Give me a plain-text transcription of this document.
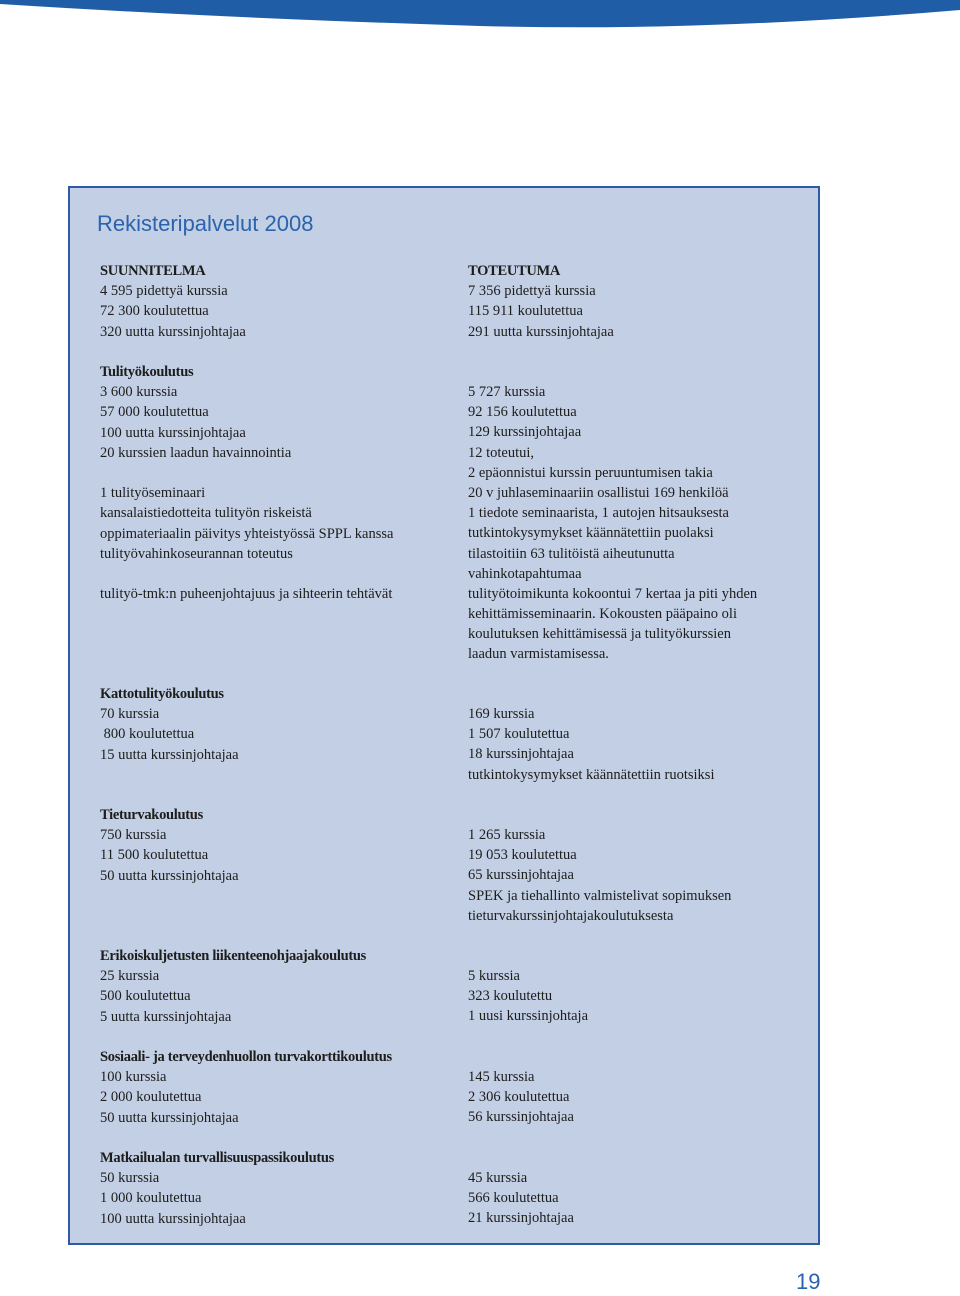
Rekisteripalvelut 2008
SUUNNITELMA
4 595 pidettyä kurssia
72 300 koulutettua
320 uutta kurssinjohtajaa
TOTEUTUMA
7 356 pidettyä kurssia
115 911 koulutettua
291 uutta kurssinjohtajaa
Tulityökoulutus
3 600 kurssia
57 000 koulutettua
100 uutta kurssinjohtajaa
20 kurssien laadun havainnointia
1 tulityöseminaari
kansalaistiedotteita tulityön riskeistä
oppimateriaalin päivitys yhteistyössä SPPL kanssa
tulityövahinkoseurannan toteutus
tulityö-tmk:n puheenjohtajuus ja sihteerin tehtävät
5 727 kurssia
92 156 koulutettua
129 kurssinjohtajaa
12 toteutui,
2 epäonnistui kurssin peruuntumisen takia
20 v juhlaseminaariin osallistui 169 henkilöä
1 tiedote seminaarista, 1 autojen hitsauksesta
tutkintokysymykset käännätettiin puolaksi
tilastoitiin 63 tulitöistä aiheutunutta
vahinkotapahtumaa
tulityötoimikunta kokoontui 7 kertaa ja piti yhden
kehittämisseminaarin. Kokousten pääpaino oli
koulutuksen kehittämisessä ja tulityökurssien
laadun varmistamisessa.
Kattotulityökoulutus
70 kurssia
800 koulutettua
15 uutta kurssinjohtajaa
169 kurssia
1 507 koulutettua
18 kurssinjohtajaa
tutkintokysymykset käännätettiin ruotsiksi
Tieturvakoulutus
750 kurssia
11 500 koulutettua
50 uutta kurssinjohtajaa
1 265 kurssia
19 053 koulutettua
65 kurssinjohtajaa
SPEK ja tiehallinto valmistelivat sopimuksen
tieturvakurssinjohtajakoulutuksesta
Erikoiskuljetusten liikenteenohjaajakoulutus
25 kurssia
500 koulutettua
5 uutta kurssinjohtajaa
5 kurssia
323 koulutettu
1 uusi kurssinjohtaja
Sosiaali- ja terveydenhuollon turvakorttikoulutus
100 kurssia
2 000 koulutettua
50 uutta kurssinjohtajaa
145 kurssia
2 306 koulutettua
56 kurssinjohtajaa
Matkailualan turvallisuuspassikoulutus
50 kurssia
1 000 koulutettua
100 uutta kurssinjohtajaa
45 kurssia
566 koulutettua
21 kurssinjohtajaa
19
